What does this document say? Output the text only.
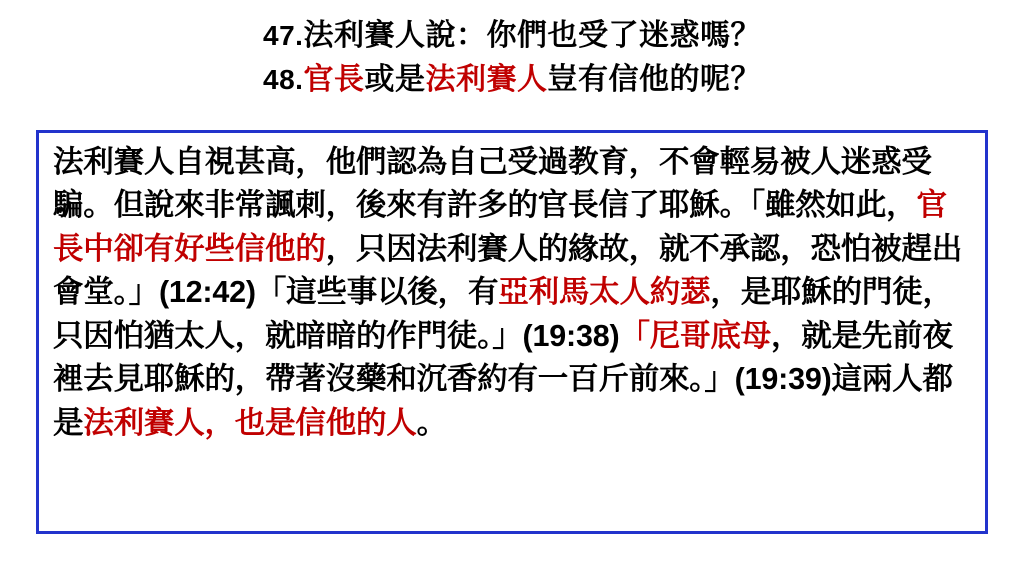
47.法利賽人說：你們也受了迷惑嗎？
48.官長或是法利賽人豈有信他的呢？
法利賽人自視甚高，他們認為自己受過教育，不會輕易被人迷惑受騙。但說來非常諷刺，後來有許多的官長信了耶穌。「雖然如此，官長中卻有好些信他的，只因法利賽人的緣故，就不承認，恐怕被趕出會堂。」(12:42)「這些事以後，有亞利馬太人約瑟，是耶穌的門徒，只因怕猶太人，就暗暗的作門徒。」(19:38)「尼哥底母，就是先前夜裡去見耶穌的，帶著沒藥和沉香約有一百斤前來。」(19:39)這兩人都是法利賽人，也是信他的人。
